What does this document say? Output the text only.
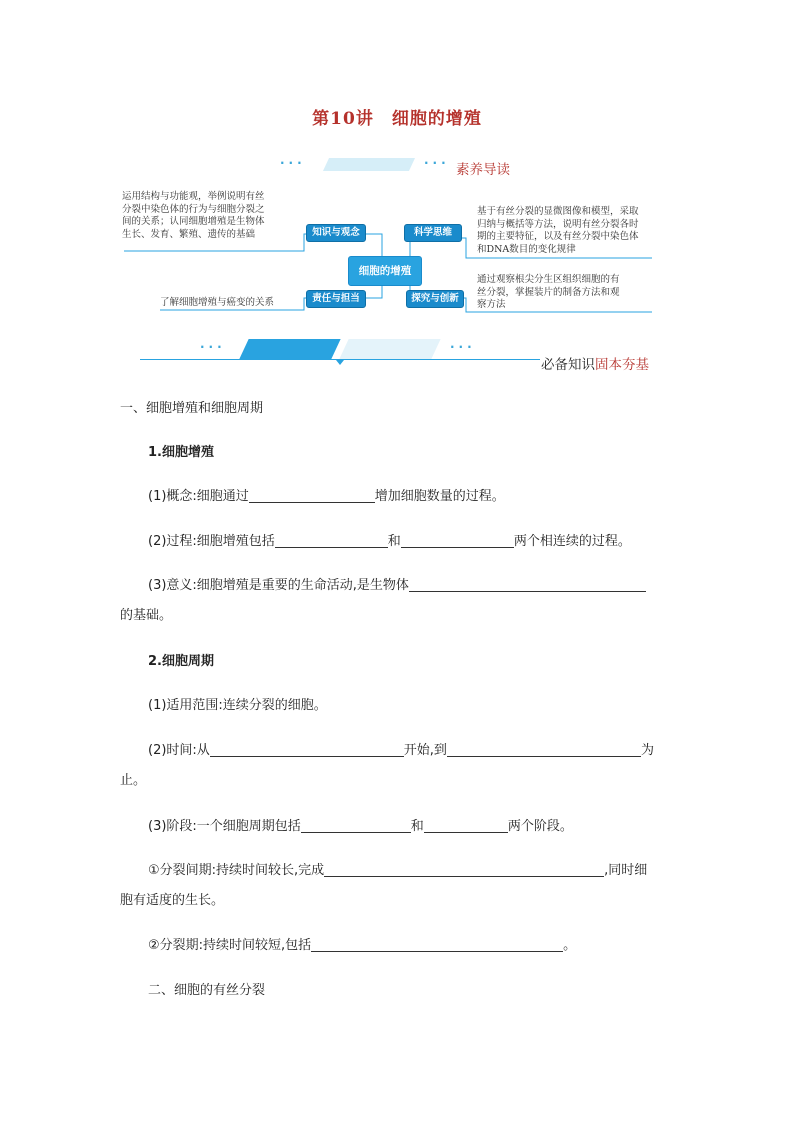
第10讲　细胞的增殖
···	··· 素养导读
运用结构与功能观，举例说明有丝
分裂中染色体的行为与细胞分裂之
间的关系；认同细胞增殖是生物体
生长、发育、繁殖、遗传的基础	知识与观念	科学思维
基于有丝分裂的显微图像和模型，采取
归纳与概括等方法，说明有丝分裂各时
期的主要特征，以及有丝分裂中染色体
和DNA数目的变化规律
细胞的增殖
了解细胞增殖与癌变的关系	责任与担当	探究与创新
通过观察根尖分生区组织细胞的有
丝分裂，掌握装片的制备方法和观
察方法
···	···
必备知识固本夯基
一、细胞增殖和细胞周期
1.细胞增殖
(1)概念:细胞通过	增加细胞数量的过程。
(2)过程:细胞增殖包括	和	两个相连续的过程。
(3)意义:细胞增殖是重要的生命活动,是生物体
的基础。
2.细胞周期
(1)适用范围:连续分裂的细胞。
(2)时间:从	开始,到	为
止。
(3)阶段:一个细胞周期包括	和	两个阶段。
①分裂间期:持续时间较长,完成	,同时细
胞有适度的生长。
②分裂期:持续时间较短,包括	。
二、细胞的有丝分裂
